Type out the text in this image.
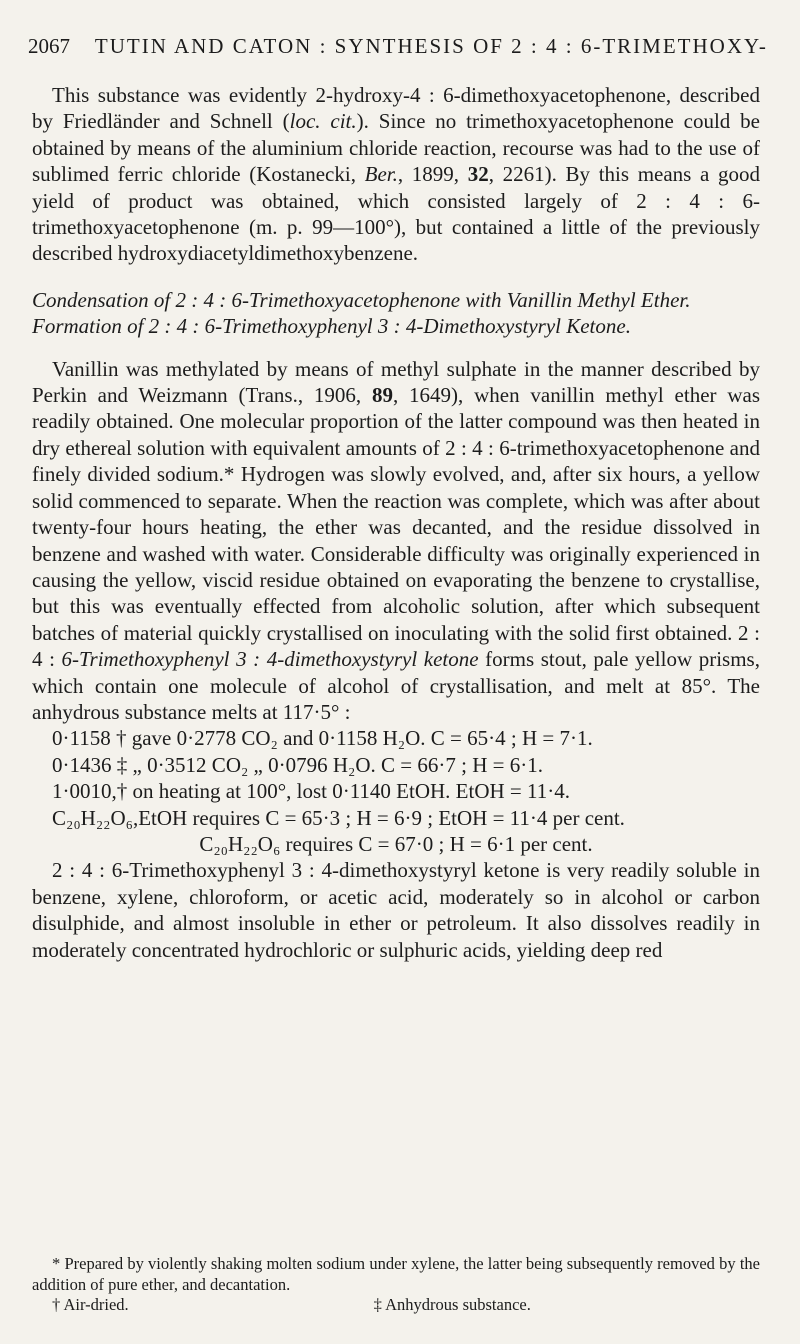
2067 TUTIN AND CATON : SYNTHESIS OF 2 : 4 : 6-TRIMETHOXY-

This substance was evidently 2-hydroxy-4 : 6-dimethoxyacetophenone, described by Friedländer and Schnell (loc. cit.). Since no trimethoxyacetophenone could be obtained by means of the aluminium chloride reaction, recourse was had to the use of sublimed ferric chloride (Kostanecki, Ber., 1899, 32, 2261). By this means a good yield of product was obtained, which consisted largely of 2 : 4 : 6-trimethoxyacetophenone (m. p. 99—100°), but contained a little of the previously described hydroxydiacetyldimethoxybenzene.

Condensation of 2 : 4 : 6-Trimethoxyacetophenone with Vanillin Methyl Ether. Formation of 2 : 4 : 6-Trimethoxyphenyl 3 : 4-Dimethoxystyryl Ketone.

Vanillin was methylated by means of methyl sulphate in the manner described by Perkin and Weizmann (Trans., 1906, 89, 1649), when vanillin methyl ether was readily obtained. One molecular proportion of the latter compound was then heated in dry ethereal solution with equivalent amounts of 2 : 4 : 6-trimethoxyacetophenone and finely divided sodium.* Hydrogen was slowly evolved, and, after six hours, a yellow solid commenced to separate. When the reaction was complete, which was after about twenty-four hours heating, the ether was decanted, and the residue dissolved in benzene and washed with water. Considerable difficulty was originally experienced in causing the yellow, viscid residue obtained on evaporating the benzene to crystallise, but this was eventually effected from alcoholic solution, after which subsequent batches of material quickly crystallised on inoculating with the solid first obtained. 2 : 4 : 6-Trimethoxyphenyl 3 : 4-dimethoxystyryl ketone forms stout, pale yellow prisms, which contain one molecule of alcohol of crystallisation, and melt at 85°. The anhydrous substance melts at 117·5° :

0·1158 † gave 0·2778 CO₂ and 0·1158 H₂O. C = 65·4 ; H = 7·1.
0·1436 ‡ „ 0·3512 CO₂ „ 0·0796 H₂O. C = 66·7 ; H = 6·1.
1·0010,† on heating at 100°, lost 0·1140 EtOH. EtOH = 11·4.
C₂₀H₂₂O₆,EtOH requires C = 65·3 ; H = 6·9 ; EtOH = 11·4 per cent.
C₂₀H₂₂O₆ requires C = 67·0 ; H = 6·1 per cent.

2 : 4 : 6-Trimethoxyphenyl 3 : 4-dimethoxystyryl ketone is very readily soluble in benzene, xylene, chloroform, or acetic acid, moderately so in alcohol or carbon disulphide, and almost insoluble in ether or petroleum. It also dissolves readily in moderately concentrated hydrochloric or sulphuric acids, yielding deep red

* Prepared by violently shaking molten sodium under xylene, the latter being subsequently removed by the addition of pure ether, and decantation.

† Air-dried.	‡ Anhydrous substance.
